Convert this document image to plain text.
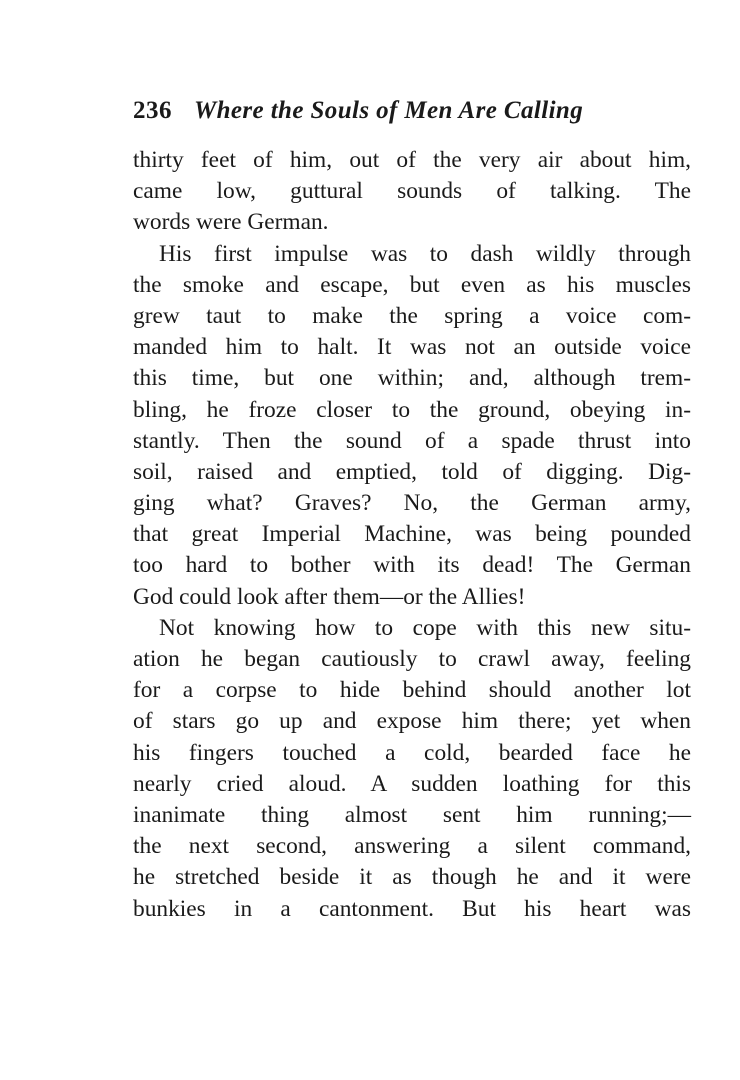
236 Where the Souls of Men Are Calling
thirty feet of him, out of the very air about him,
came low, guttural sounds of talking. The
words were German.
His first impulse was to dash wildly through
the smoke and escape, but even as his muscles
grew taut to make the spring a voice com-
manded him to halt. It was not an outside voice
this time, but one within; and, although trem-
bling, he froze closer to the ground, obeying in-
stantly. Then the sound of a spade thrust into
soil, raised and emptied, told of digging. Dig-
ging what? Graves? No, the German army,
that great Imperial Machine, was being pounded
too hard to bother with its dead! The German
God could look after them—or the Allies!
Not knowing how to cope with this new situ-
ation he began cautiously to crawl away, feeling
for a corpse to hide behind should another lot
of stars go up and expose him there; yet when
his fingers touched a cold, bearded face he
nearly cried aloud. A sudden loathing for this
inanimate thing almost sent him running;—
the next second, answering a silent command,
he stretched beside it as though he and it were
bunkies in a cantonment. But his heart was
